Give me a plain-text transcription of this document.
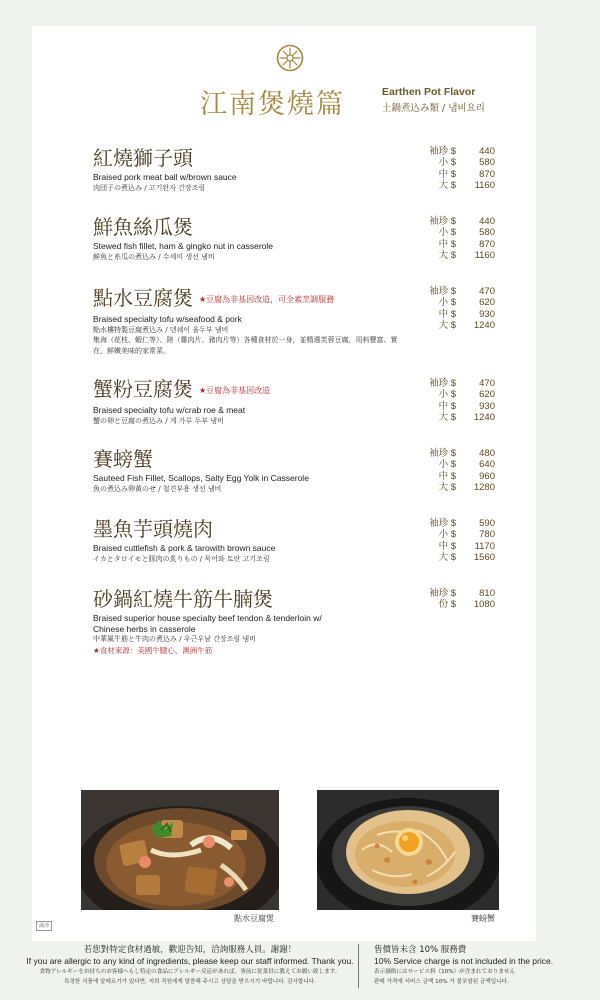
江南煲燒篇	Earthen Pot Flavor
土鍋煮込み類 / 냄비요리
紅燒獅子頭
Braised pork meat ball w/brown sauce
肉団子の煮込み / 고기완자 간장조림
袖珍 $	440
小 $	580
中 $	870
大 $	1160
鮮魚絲瓜煲
Stewed fish fillet, ham & gingko nut in casserole
鮮魚と糸瓜の煮込み / 수세미 생선 냄비
袖珍 $	440
小 $	580
中 $	870
大 $	1160
點水豆腐煲 ★豆腐為非基因改造，可全素烹調服務
Braised specialty tofu w/seafood & pork
點水樓特製豆腐煮込み / 덴쉐이 율두부 냄비
集海（花枝、蝦仁等）、陸（雞肉片、豬肉片等）各種食材於一身，並精選芙蓉豆腐，用料豐富、實在，鮮嫩美味的家常菜。
袖珍 $	470
小 $	620
中 $	930
大 $	1240
蟹粉豆腐煲 ★豆腐為非基因改造
Braised specialty tofu w/crab roe & meat
蟹の卵と豆腐の煮込み / 게 가루 두부 냄비
袖珍 $	470
小 $	620
中 $	930
大 $	1240
賽螃蟹
Sauteed Fish Fillet, Scallops, Salty Egg Yolk in Casserole
魚の煮込み卵黄のせ / 철견부용 생선 냄비
袖珍 $	480
小 $	640
中 $	960
大 $	1280
墨魚芋頭燒肉
Braised cuttlefish & pork & tarowith brown sauce
イカとタロイモと豚肉の炙りもの / 묵어와 토란 고기조림
袖珍 $	590
小 $	780
中 $	1170
大 $	1560
砂鍋紅燒牛筋牛腩煲
Braised superior house specialty beef tendon & tenderloin w/ Chinese herbs in casserole
中華風牛筋と牛肉の煮込み / 우근우남 간장조림 냄비
★食材來源：美國牛腱心、澳洲牛筋
袖珍 $	810
份 $	1080
點水豆腐煲	賽螃蟹
滿清
若您對特定食材過敏，歡迎告知，洽詢服務人員。謝謝！
If you are allergic to any kind of ingredients, please keep our staff informed. Thank you.
食物アレルギーをお持ちのお客様へもし特定の食品にアレルギー反応があれば、事前に従業員に教えてお願い致します。
특정한 식품에 알레르기가 있다면, 저희 직원에게 말씀해 주시고 상담을 받으시기 바랍니다. 감사합니다.
售價皆未含 10% 服務費
10% Service charge is not included in the price.
表示価格にはサービス料（10%）が含まれておりません
판매 가격에 서비스 금액 10% 가 불포함된 금액입니다.
